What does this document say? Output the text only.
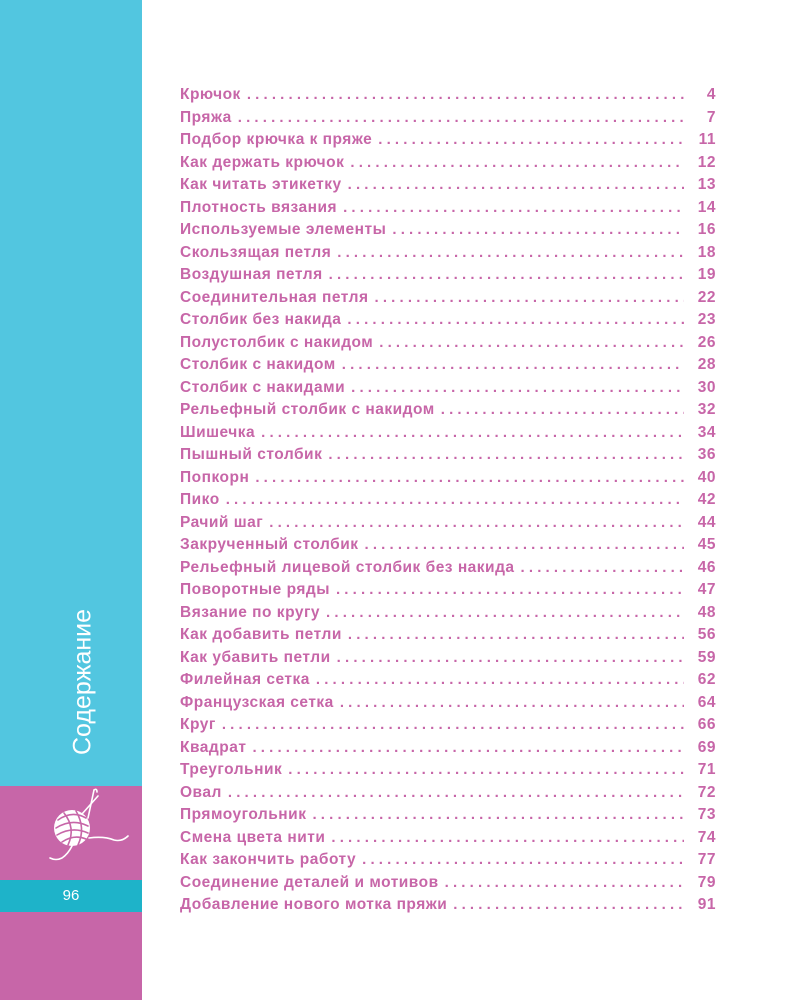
Содержание
96
Крючок . . .	4
Пряжа . . .	7
Подбор крючка к пряже . . .	11
Как держать крючок . . .	12
Как читать этикетку . . .	13
Плотность вязания . . .	14
Используемые элементы . . .	16
Скользящая петля . . .	18
Воздушная петля . . .	19
Соединительная петля . . .	22
Столбик без накида . . .	23
Полустолбик с накидом . . .	26
Столбик с накидом . . .	28
Столбик с накидами . . .	30
Рельефный столбик с накидом . . .	32
Шишечка . . .	34
Пышный столбик . . .	36
Попкорн . . .	40
Пико . . .	42
Рачий шаг . . .	44
Закрученный столбик . . .	45
Рельефный лицевой столбик без накида . . .	46
Поворотные ряды . . .	47
Вязание по кругу . . .	48
Как добавить петли . . .	56
Как убавить петли . . .	59
Филейная сетка . . .	62
Французская сетка . . .	64
Круг . . .	66
Квадрат . . .	69
Треугольник . . .	71
Овал . . .	72
Прямоугольник . . .	73
Смена цвета нити . . .	74
Как закончить работу . . .	77
Соединение деталей и мотивов . . .	79
Добавление нового мотка пряжи . . .	91
